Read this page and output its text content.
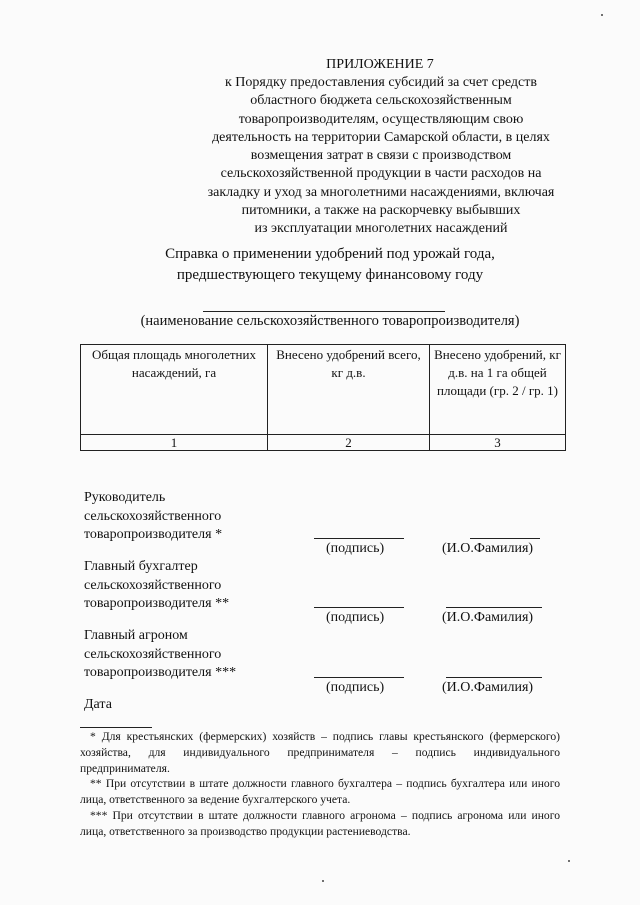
ПРИЛОЖЕНИЕ 7
к Порядку предоставления субсидий за счет средств
областного бюджета сельскохозяйственным
товаропроизводителям, осуществляющим свою
деятельность на территории Самарской области, в целях
возмещения затрат в связи с производством
сельскохозяйственной продукции в части расходов на
закладку и уход за многолетними насаждениями, включая
питомники, а также на раскорчевку выбывших
из эксплуатации многолетних насаждений
Справка о применении удобрений под урожай года,
предшествующего текущему финансовому году
(наименование сельскохозяйственного товаропроизводителя)
Общая площадь многолетних насаждений, га	Внесено удобрений всего, кг д.в.	Внесено удобрений, кг д.в. на 1 га общей площади (гр. 2 / гр. 1)
1	2	3
Руководитель
сельскохозяйственного
товаропроизводителя *
(подпись)	(И.О.Фамилия)
Главный бухгалтер
сельскохозяйственного
товаропроизводителя **
(подпись)	(И.О.Фамилия)
Главный агроном
сельскохозяйственного
товаропроизводителя ***
(подпись)	(И.О.Фамилия)
Дата

* Для крестьянских (фермерских) хозяйств – подпись главы крестьянского (фермерского) хозяйства, для индивидуального предпринимателя – подпись индивидуального предпринимателя.

** При отсутствии в штате должности главного бухгалтера – подпись бухгалтера или иного лица, ответственного за ведение бухгалтерского учета.

*** При отсутствии в штате должности главного агронома – подпись агронома или иного лица, ответственного за производство продукции растениеводства.
